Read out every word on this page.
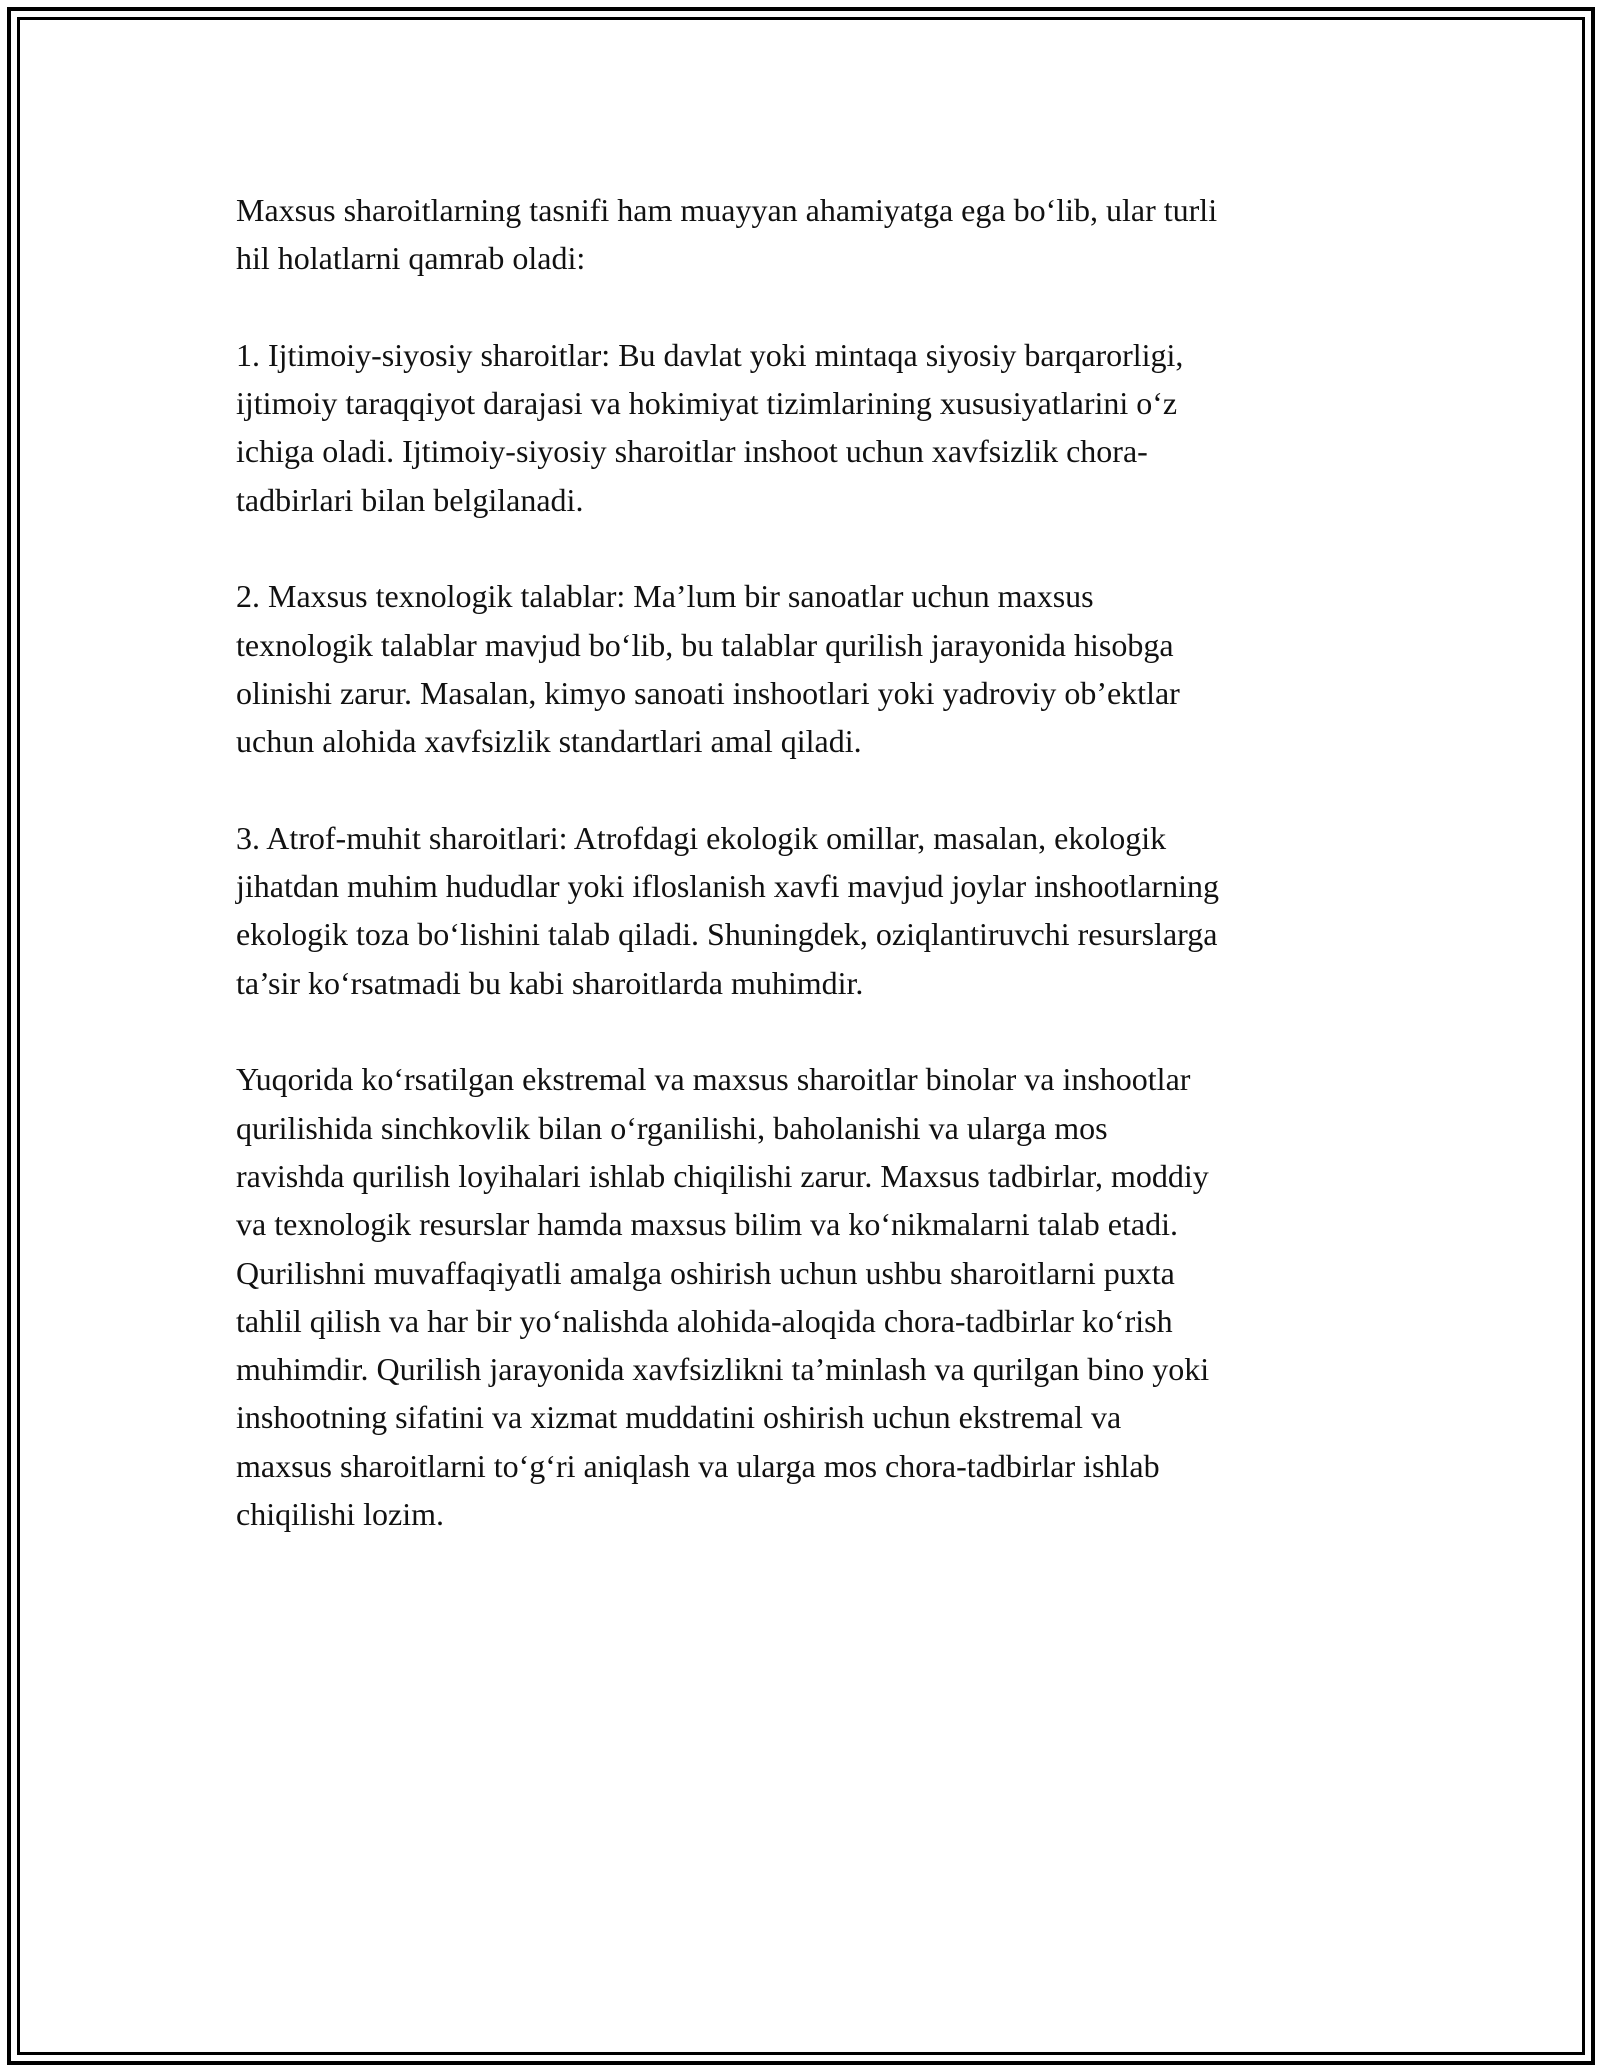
Maxsus sharoitlarning tasnifi ham muayyan ahamiyatga ega bo‘lib, ular turli
hil holatlarni qamrab oladi:

1. Ijtimoiy-siyosiy sharoitlar: Bu davlat yoki mintaqa siyosiy barqarorligi,
ijtimoiy taraqqiyot darajasi va hokimiyat tizimlarining xususiyatlarini o‘z
ichiga oladi. Ijtimoiy-siyosiy sharoitlar inshoot uchun xavfsizlik chora-
tadbirlari bilan belgilanadi.

2. Maxsus texnologik talablar: Ma’lum bir sanoatlar uchun maxsus
texnologik talablar mavjud bo‘lib, bu talablar qurilish jarayonida hisobga
olinishi zarur. Masalan, kimyo sanoati inshootlari yoki yadroviy ob’ektlar
uchun alohida xavfsizlik standartlari amal qiladi.

3. Atrof-muhit sharoitlari: Atrofdagi ekologik omillar, masalan, ekologik
jihatdan muhim hududlar yoki ifloslanish xavfi mavjud joylar inshootlarning
ekologik toza bo‘lishini talab qiladi. Shuningdek, oziqlantiruvchi resurslarga
ta’sir ko‘rsatmadi bu kabi sharoitlarda muhimdir.

Yuqorida ko‘rsatilgan ekstremal va maxsus sharoitlar binolar va inshootlar
qurilishida sinchkovlik bilan o‘rganilishi, baholanishi va ularga mos
ravishda qurilish loyihalari ishlab chiqilishi zarur. Maxsus tadbirlar, moddiy
va texnologik resurslar hamda maxsus bilim va ko‘nikmalarni talab etadi.
Qurilishni muvaffaqiyatli amalga oshirish uchun ushbu sharoitlarni puxta
tahlil qilish va har bir yo‘nalishda alohida-aloqida chora-tadbirlar ko‘rish
muhimdir. Qurilish jarayonida xavfsizlikni ta’minlash va qurilgan bino yoki
inshootning sifatini va xizmat muddatini oshirish uchun ekstremal va
maxsus sharoitlarni to‘g‘ri aniqlash va ularga mos chora-tadbirlar ishlab
chiqilishi lozim.
